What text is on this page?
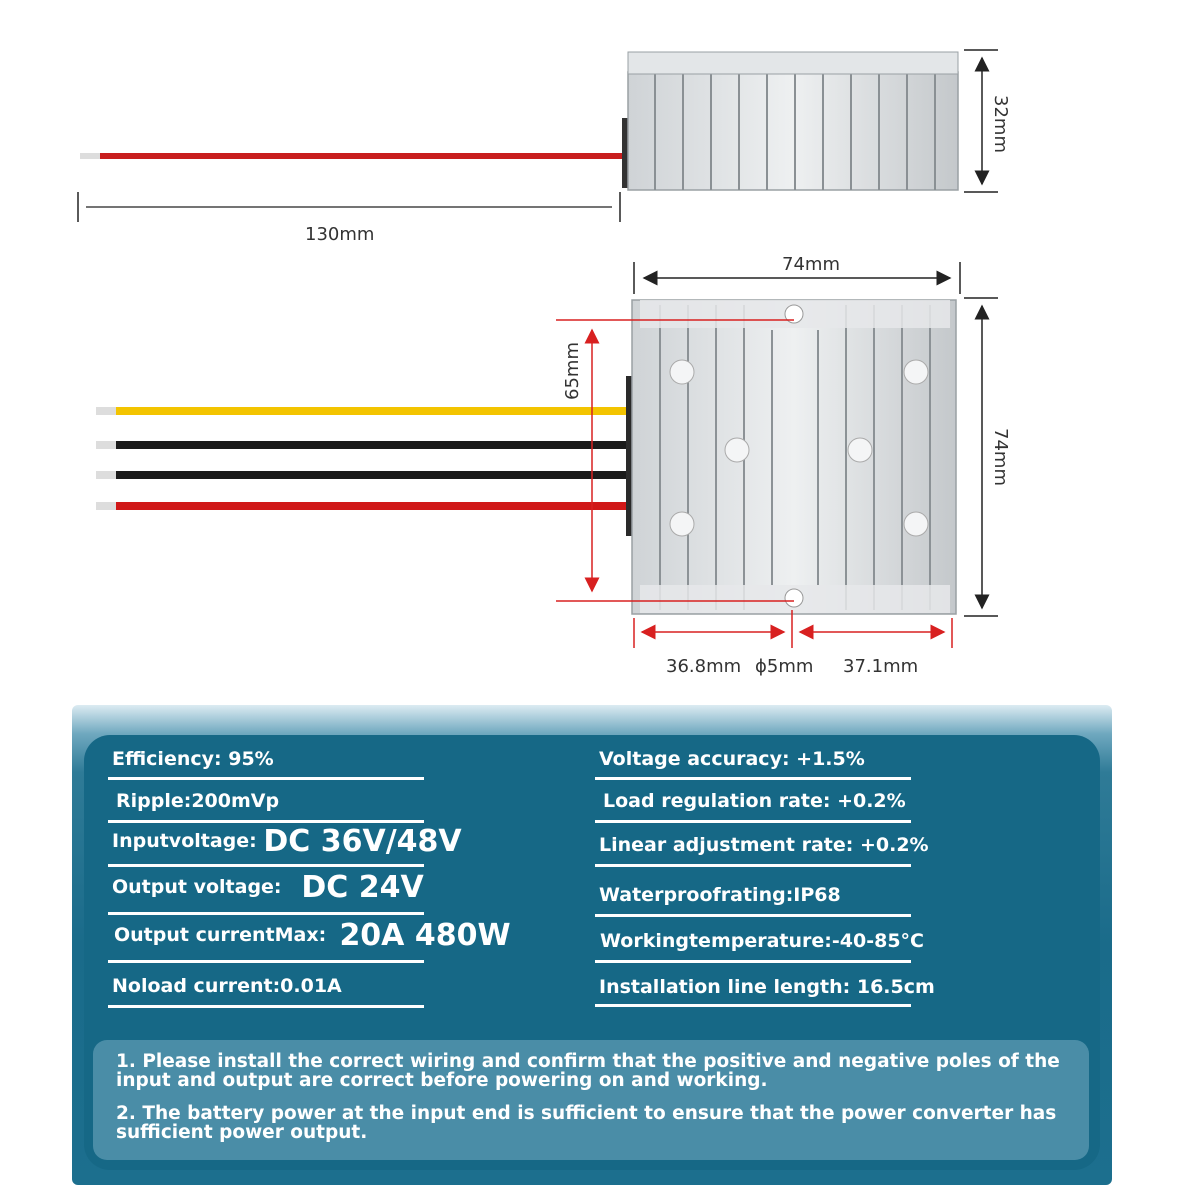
130mm
32mm
74mm
65mm
74mm
36.8mm ɸ5mm 37.1mm
Efficiency: 95%
Ripple:200mVp
Inputvoltage: DC 36V/48V
Output voltage: DC 24V
Output currentMax: 20A 480W
Noload current:0.01A
Voltage accuracy: +1.5%
Load regulation rate: +0.2%
Linear adjustment rate: +0.2%
Waterproofrating:IP68
Workingtemperature:-40-85°C
Installation line length: 16.5cm
1. Please install the correct wiring and confirm that the positive and negative poles of the input and output are correct before powering on and working.
2. The battery power at the input end is sufficient to ensure that the power converter has sufficient power output.
